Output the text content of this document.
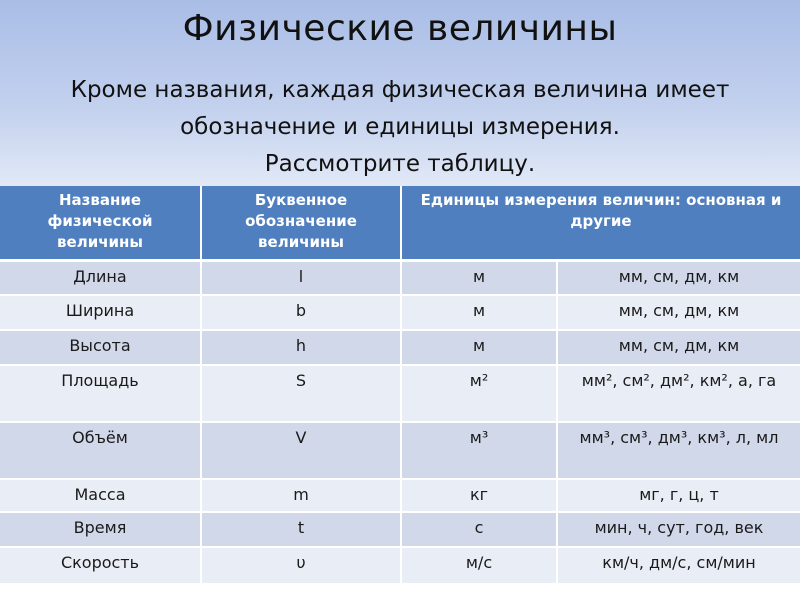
Физические величины
Кроме названия, каждая физическая величина имеет
обозначение и единицы измерения.
Рассмотрите таблицу.
Название физической величины	Буквенное обозначение величины	Единицы измерения величин: основная и другие	
Длина	l	м	мм, см, дм, км
Ширина	b	м	мм, см, дм, км
Высота	h	м	мм, см, дм, км
Площадь	S	м²	мм², см², дм², км², а, га
Объём	V	м³	мм³, см³, дм³, км³, л, мл
Масса	m	кг	мг, г, ц, т
Время	t	с	мин, ч, сут, год, век
Скорость	υ	м/с	км/ч, дм/с, см/мин
